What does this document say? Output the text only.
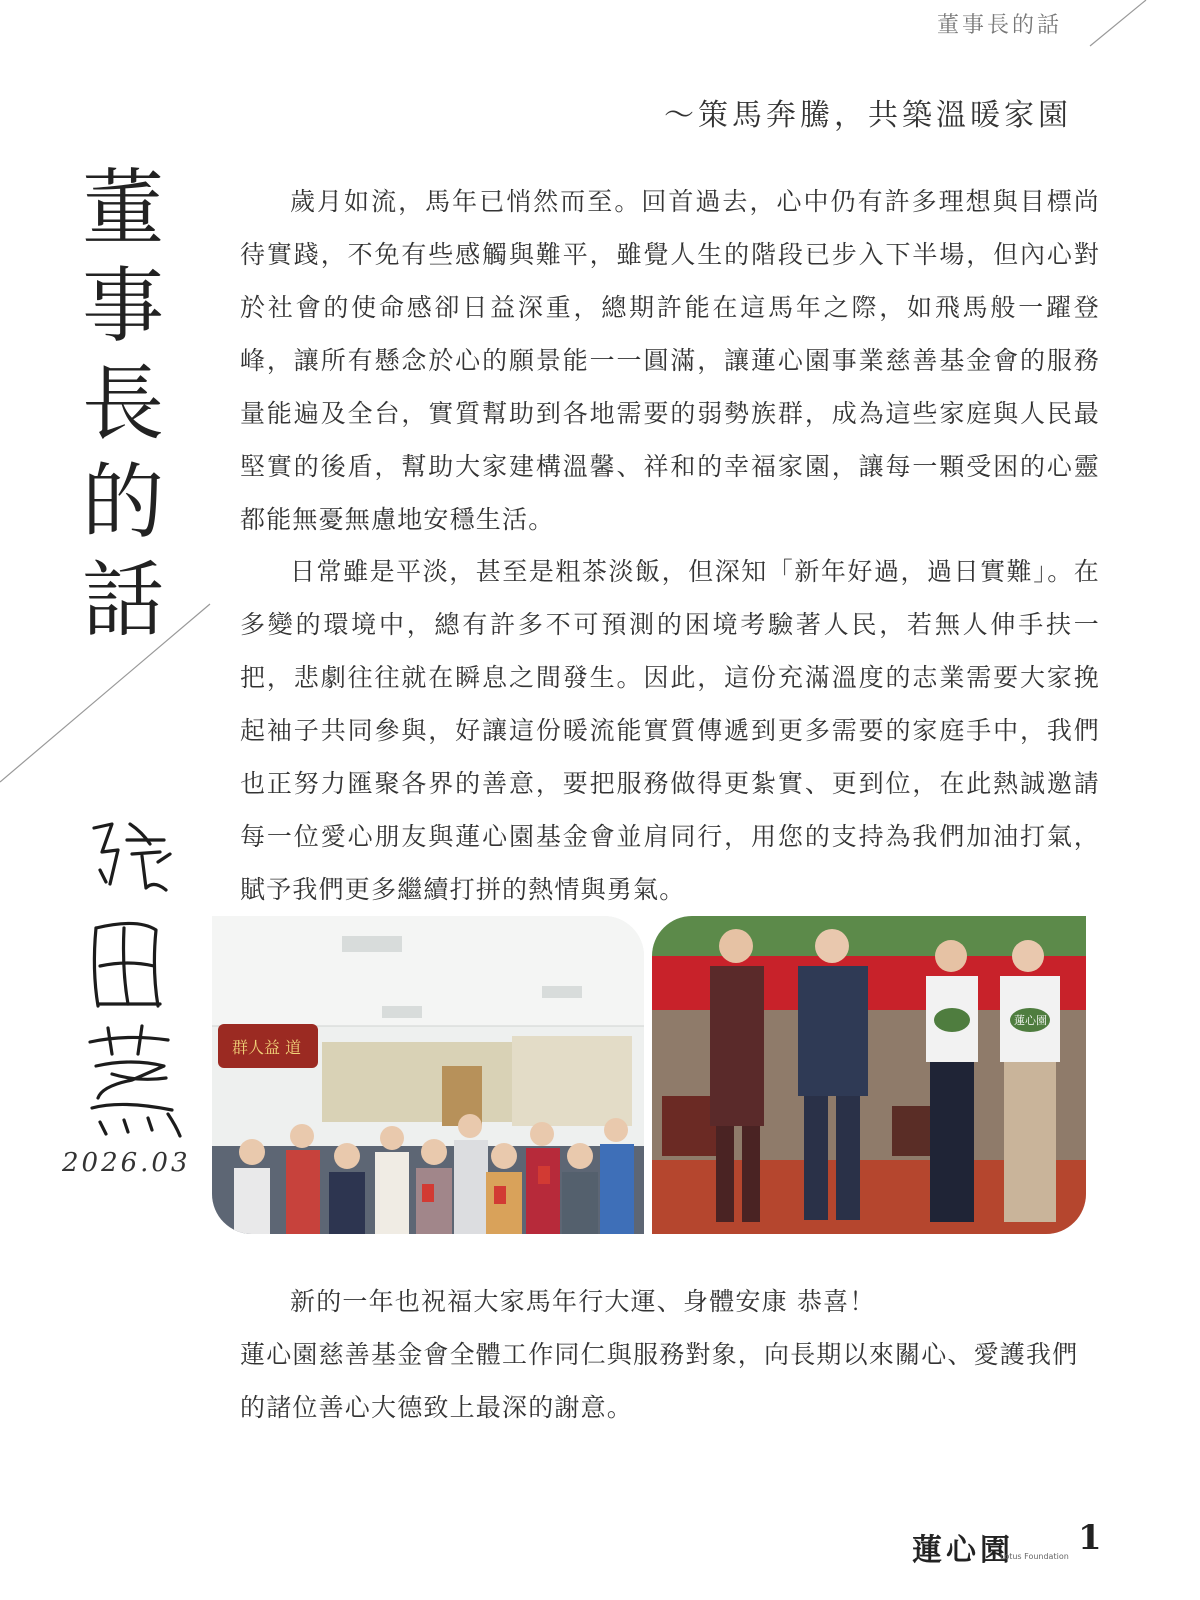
董事長的話
～策馬奔騰，共築溫暖家園
董事長的話

歲月如流，馬年已悄然而至。回首過去，心中仍有許多理想與目標尚待實踐，不免有些感觸與難平，雖覺人生的階段已步入下半場，但內心對於社會的使命感卻日益深重，總期許能在這馬年之際，如飛馬般一躍登峰，讓所有懸念於心的願景能一一圓滿，讓蓮心園事業慈善基金會的服務量能遍及全台，實質幫助到各地需要的弱勢族群，成為這些家庭與人民最堅實的後盾，幫助大家建構溫馨、祥和的幸福家園，讓每一顆受困的心靈都能無憂無慮地安穩生活。

日常雖是平淡，甚至是粗茶淡飯，但深知「新年好過，過日實難」。在多變的環境中，總有許多不可預測的困境考驗著人民，若無人伸手扶一把，悲劇往往就在瞬息之間發生。因此，這份充滿溫度的志業需要大家挽起袖子共同參與，好讓這份暖流能實質傳遞到更多需要的家庭手中，我們也正努力匯聚各界的善意，要把服務做得更紮實、更到位，在此熱誠邀請每一位愛心朋友與蓮心園基金會並肩同行，用您的支持為我們加油打氣，賦予我們更多繼續打拼的熱情與勇氣。

2026.03
群人益 道
蓮心園
新的一年也祝福大家馬年行大運、身體安康 恭喜！
蓮心園慈善基金會全體工作同仁與服務對象，向長期以來關心、愛護我們的諸位善心大德致上最深的謝意。
蓮心園
Lotus Foundation 1
